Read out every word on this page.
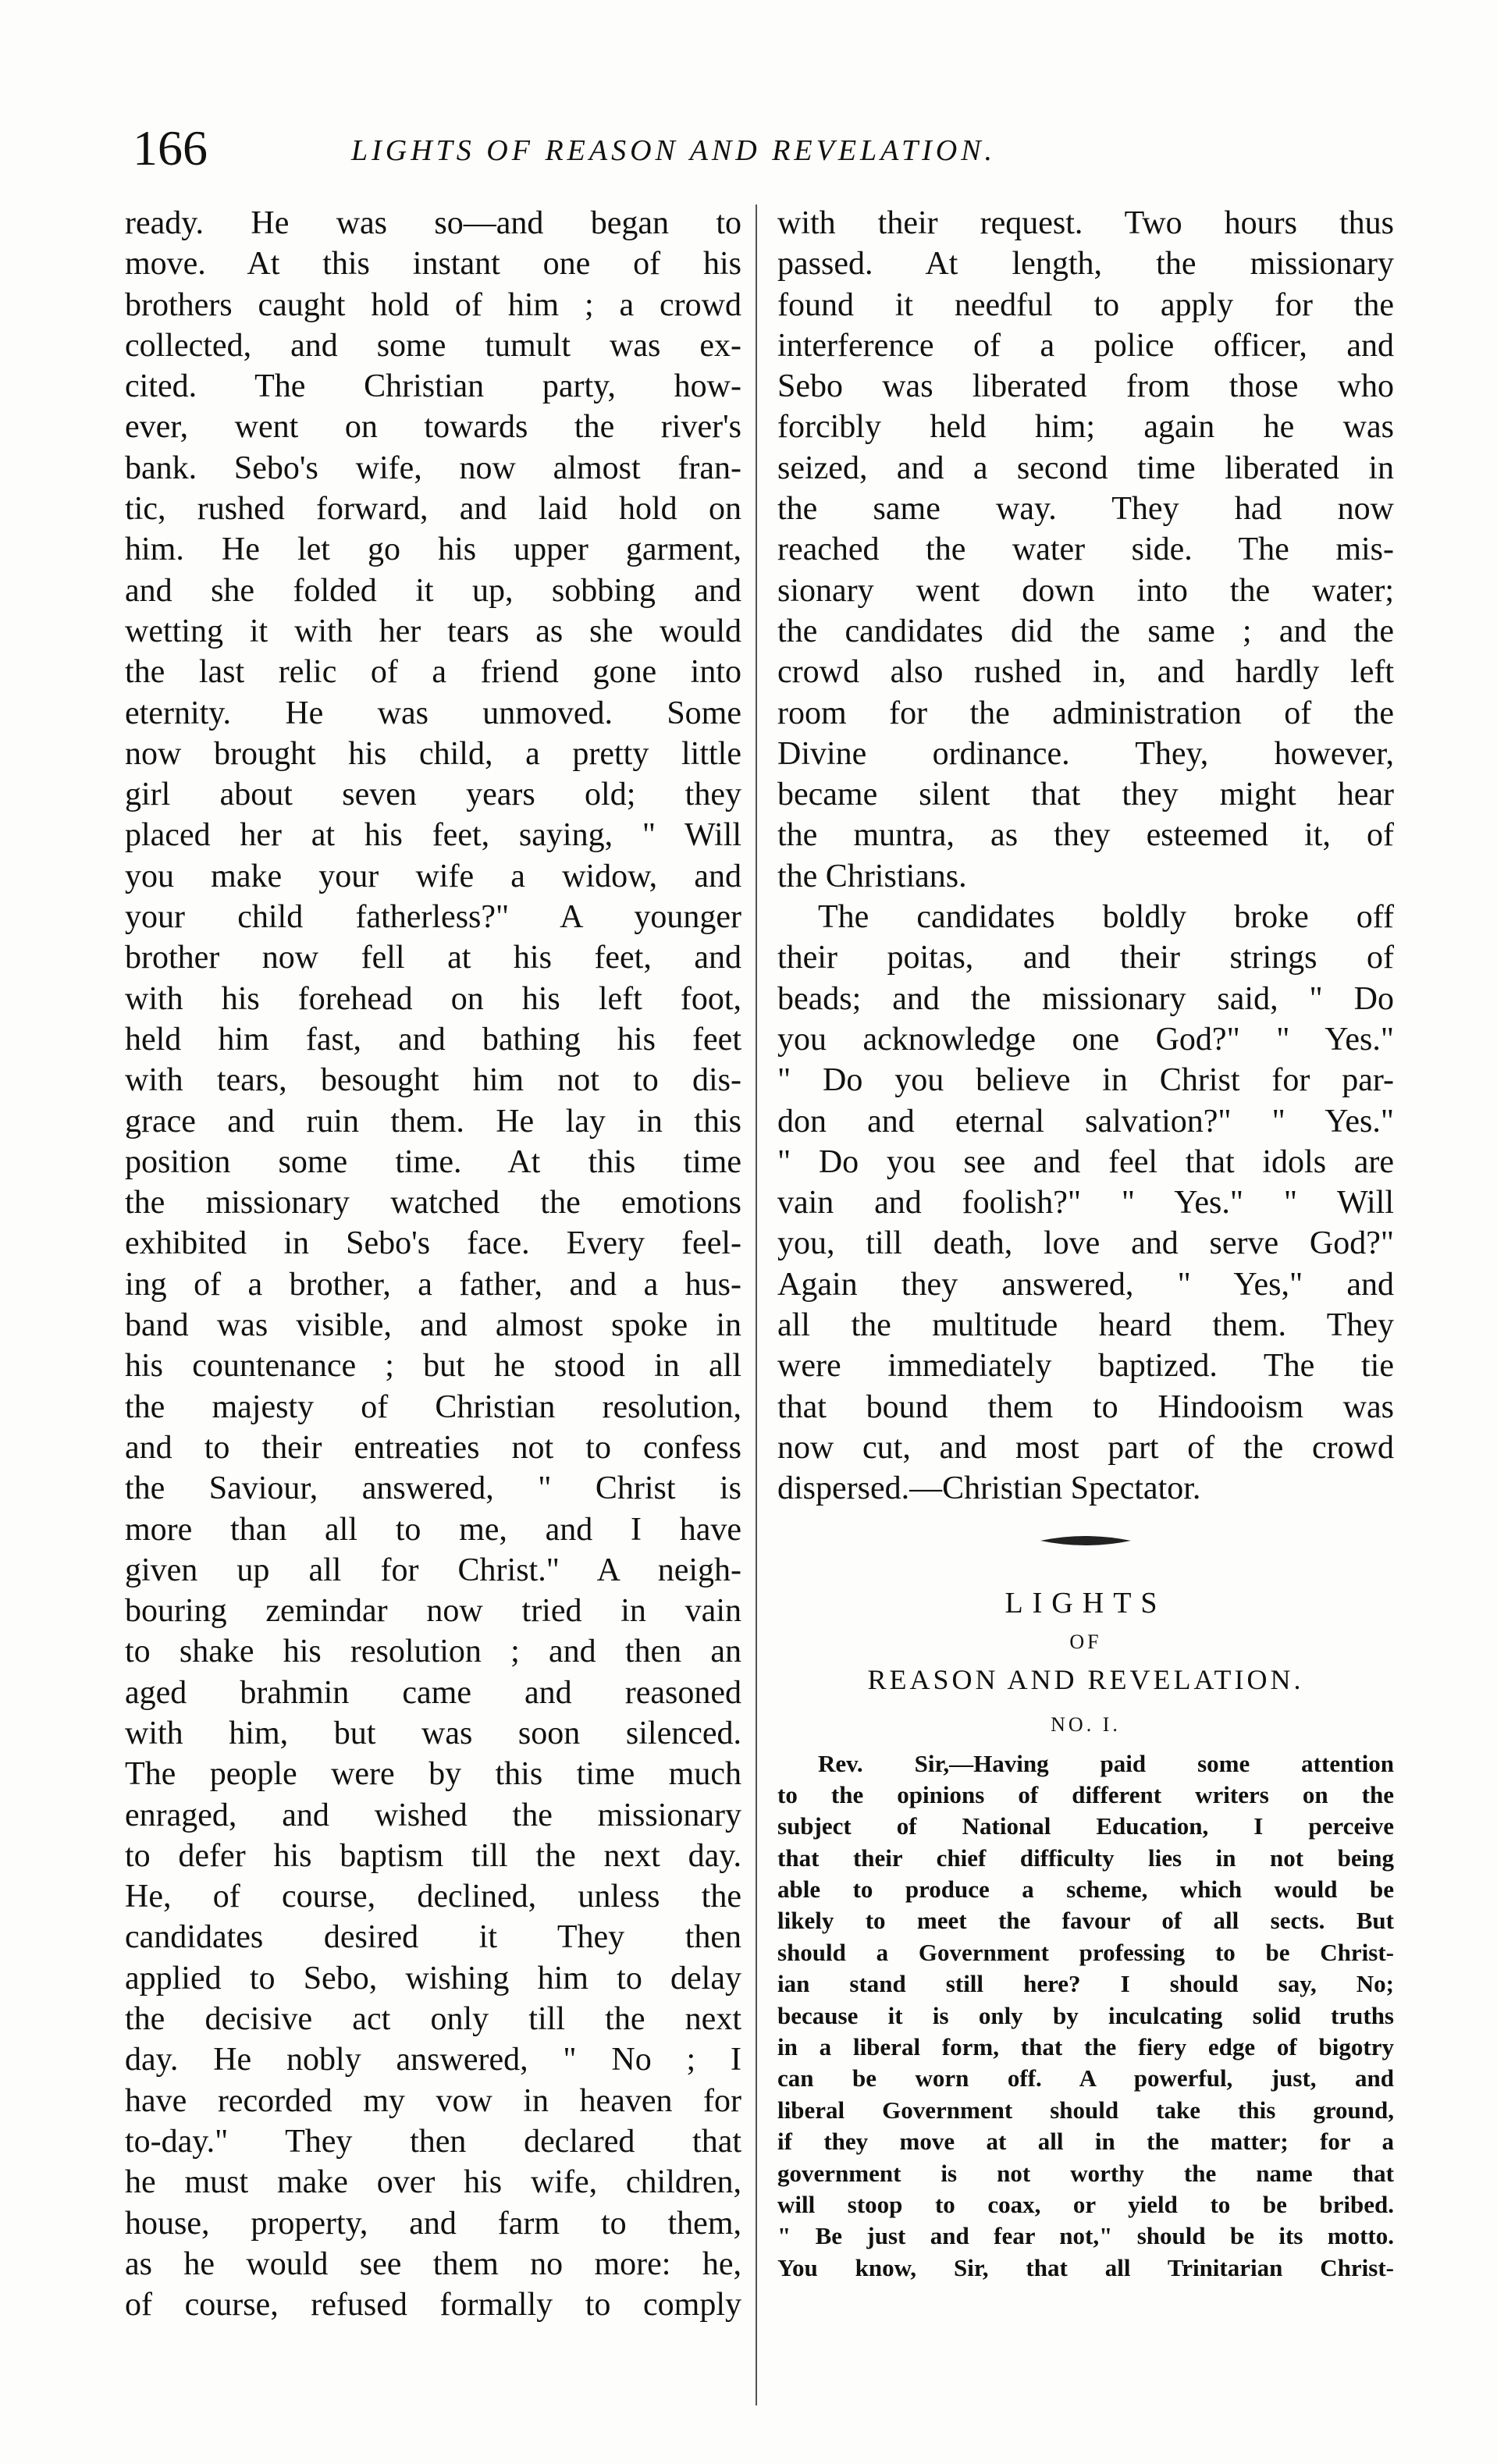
166	LIGHTS OF REASON AND REVELATION.
ready. He was so—and began to
move. At this instant one of his
brothers caught hold of him ; a crowd
collected, and some tumult was ex-
cited. The Christian party, how-
ever, went on towards the river's
bank. Sebo's wife, now almost fran-
tic, rushed forward, and laid hold on
him. He let go his upper garment,
and she folded it up, sobbing and
wetting it with her tears as she would
the last relic of a friend gone into
eternity. He was unmoved. Some
now brought his child, a pretty little
girl about seven years old; they
placed her at his feet, saying, " Will
you make your wife a widow, and
your child fatherless?" A younger
brother now fell at his feet, and
with his forehead on his left foot,
held him fast, and bathing his feet
with tears, besought him not to dis-
grace and ruin them. He lay in this
position some time. At this time
the missionary watched the emotions
exhibited in Sebo's face. Every feel-
ing of a brother, a father, and a hus-
band was visible, and almost spoke in
his countenance ; but he stood in all
the majesty of Christian resolution,
and to their entreaties not to confess
the Saviour, answered, " Christ is
more than all to me, and I have
given up all for Christ." A neigh-
bouring zemindar now tried in vain
to shake his resolution ; and then an
aged brahmin came and reasoned
with him, but was soon silenced.
The people were by this time much
enraged, and wished the missionary
to defer his baptism till the next day.
He, of course, declined, unless the
candidates desired it They then
applied to Sebo, wishing him to delay
the decisive act only till the next
day. He nobly answered, " No ; I
have recorded my vow in heaven for
to-day." They then declared that
he must make over his wife, children,
house, property, and farm to them,
as he would see them no more: he,
of course, refused formally to comply
with their request. Two hours thus
passed. At length, the missionary
found it needful to apply for the
interference of a police officer, and
Sebo was liberated from those who
forcibly held him; again he was
seized, and a second time liberated in
the same way. They had now
reached the water side. The mis-
sionary went down into the water;
the candidates did the same ; and the
crowd also rushed in, and hardly left
room for the administration of the
Divine ordinance. They, however,
became silent that they might hear
the muntra, as they esteemed it, of
the Christians.
The candidates boldly broke off
their poitas, and their strings of
beads; and the missionary said, " Do
you acknowledge one God?" " Yes."
" Do you believe in Christ for par-
don and eternal salvation?" " Yes."
" Do you see and feel that idols are
vain and foolish?" " Yes." " Will
you, till death, love and serve God?"
Again they answered, " Yes," and
all the multitude heard them. They
were immediately baptized. The tie
that bound them to Hindooism was
now cut, and most part of the crowd
dispersed.—Christian Spectator.
LIGHTS
OF
REASON AND REVELATION.
NO. I.
Rev. Sir,—Having paid some attention
to the opinions of different writers on the
subject of National Education, I perceive
that their chief difficulty lies in not being
able to produce a scheme, which would be
likely to meet the favour of all sects. But
should a Government professing to be Christ-
ian stand still here? I should say, No;
because it is only by inculcating solid truths
in a liberal form, that the fiery edge of bigotry
can be worn off. A powerful, just, and
liberal Government should take this ground,
if they move at all in the matter; for a
government is not worthy the name that
will stoop to coax, or yield to be bribed.
" Be just and fear not," should be its motto.
You know, Sir, that all Trinitarian Christ-
